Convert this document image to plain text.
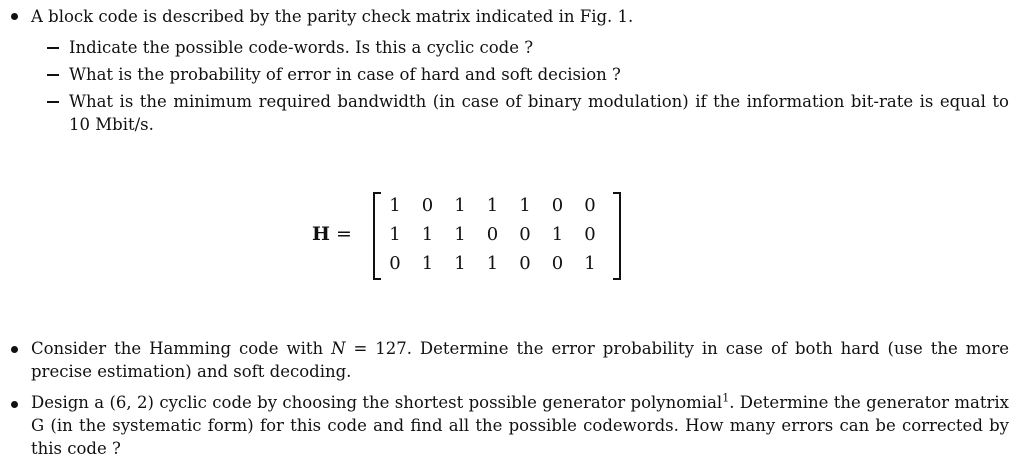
A block code is described by the parity check matrix indicated in Fig. 1.
Indicate the possible code-words. Is this a cyclic code ?
What is the probability of error in case of hard and soft decision ?
What is the minimum required bandwidth (in case of binary modulation) if the information bit-rate is equal to
10 Mbit/s.
H =
1 0 1 1 1 0 0
1 1 1 0 0 1 0
0 1 1 1 0 0 1
Consider the Hamming code with N = 127. Determine the error probability in case of both hard (use the more
precise estimation) and soft decoding.
Design a (6, 2) cyclic code by choosing the shortest possible generator polynomial$^1$. Determine the generator matrix
G (in the systematic form) for this code and find all the possible codewords. How many errors can be corrected by
this code ?
